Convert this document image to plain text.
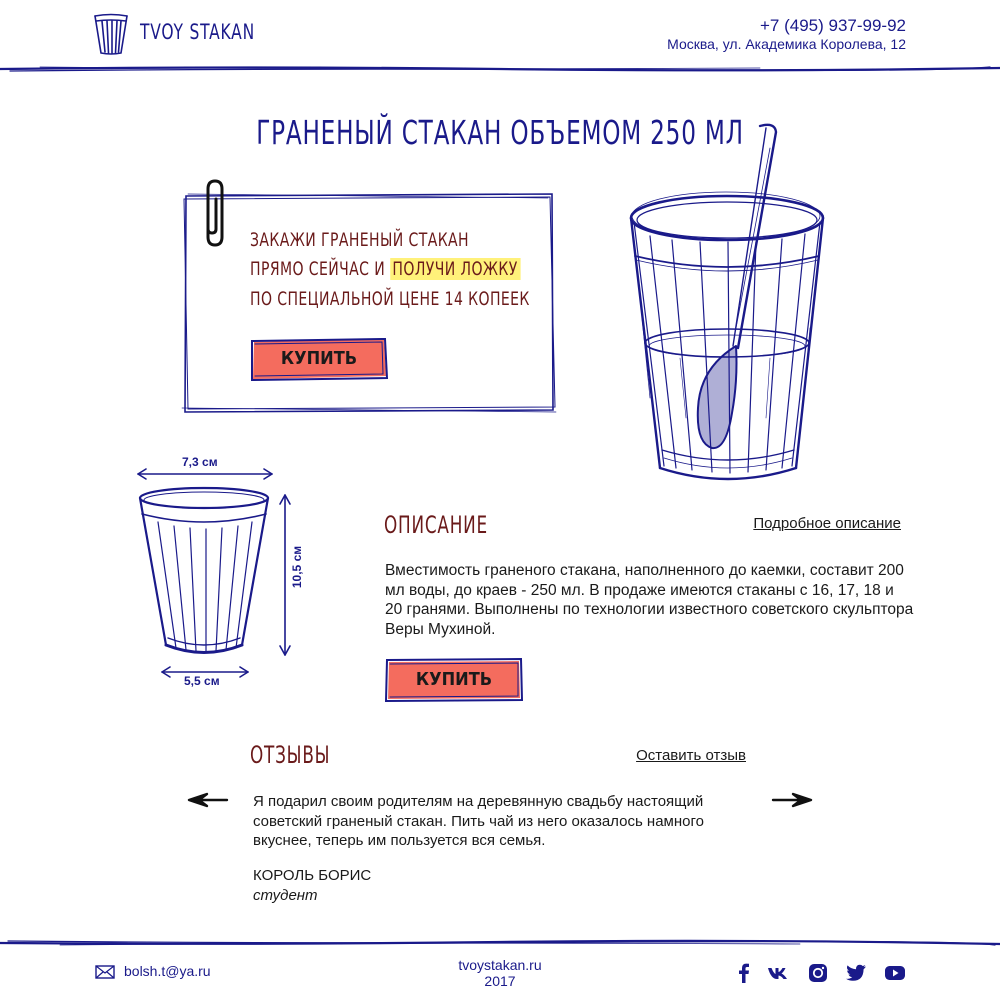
TVOY STAKAN	+7 (495) 937-99-92
Москва, ул. Академика Королева, 12
ГРАНЕНЫЙ СТАКАН ОБЪЕМОМ 250 МЛ
ЗАКАЖИ ГРАНЕНЫЙ СТАКАН
ПРЯМО СЕЙЧАС И ПОЛУЧИ ЛОЖКУ
ПО СПЕЦИАЛЬНОЙ ЦЕНЕ 14 КОПЕЕК
КУПИТЬ
7,3 см
5,5 см
10,5 см
ОПИСАНИЕ	Подробное описание
Вместимость граненого стакана, наполненного до каемки, составит 200 мл воды, до краев - 250 мл. В продаже имеются стаканы с 16, 17, 18 и 20 гранями. Выполнены по технологии известного советского скульптора Веры Мухиной.
КУПИТЬ
ОТЗЫВЫ	Оставить отзыв
Я подарил своим родителям на деревянную свадьбу настоящий советский граненый стакан. Пить чай из него оказалось намного вкуснее, теперь им пользуется вся семья.
КОРОЛЬ БОРИС
студент
bolsh.t@ya.ru	tvoystakan.ru
2017
